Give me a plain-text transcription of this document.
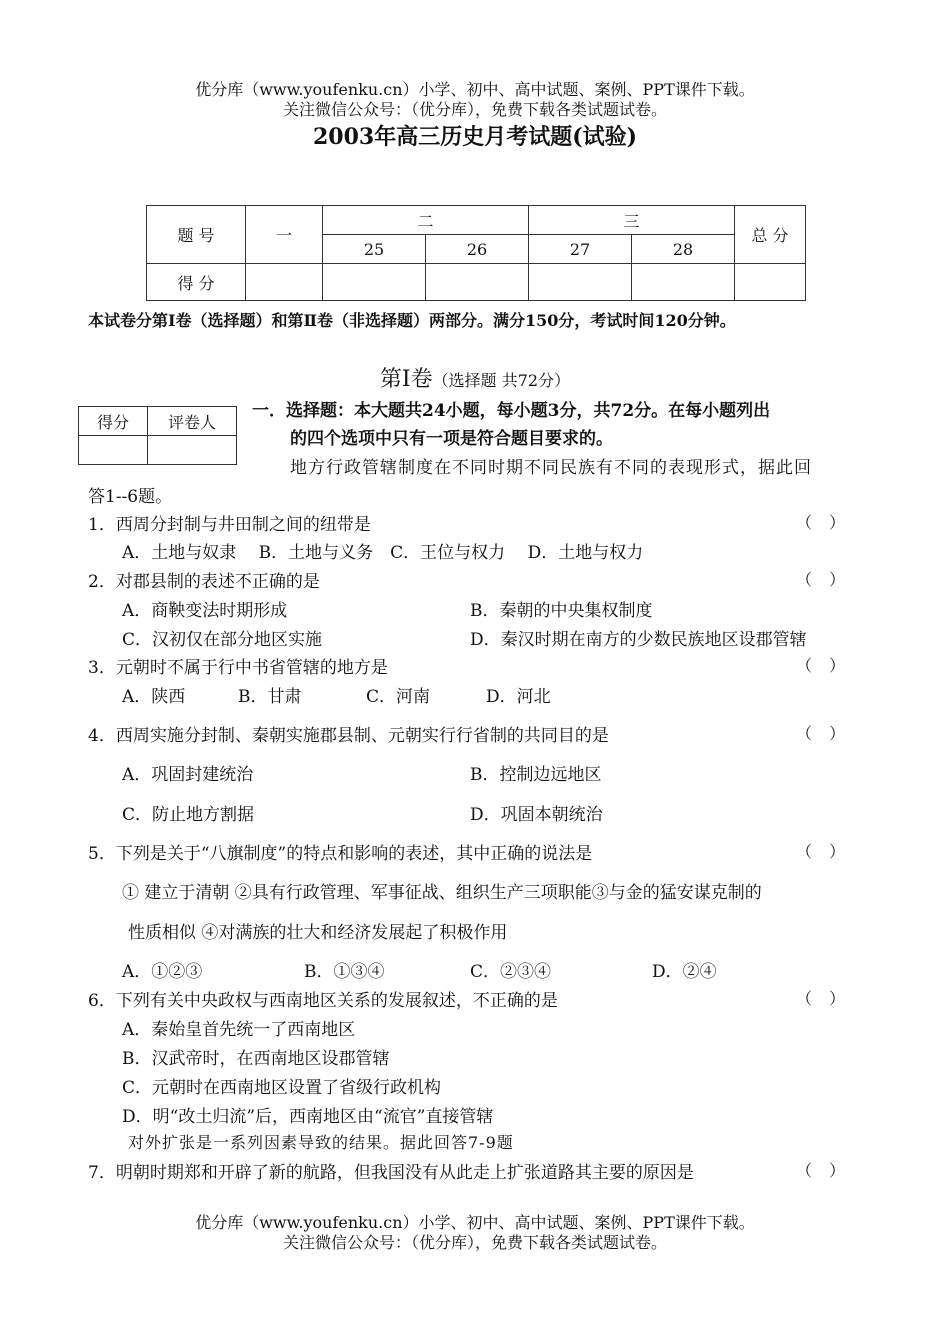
优分库（www.youfenku.cn）小学、初中、高中试题、案例、PPT课件下载。
关注微信公众号：（优分库），免费下载各类试题试卷。
2003年高三历史月考试题(试验)
题 号	一	二		三		总 分
		25	26	27	28	
得 分						
本试卷分第Ⅰ卷（选择题）和第Ⅱ卷（非选择题）两部分。满分150分，考试时间120分钟。
第Ⅰ卷（选择题 共72分）
得分	评卷人

一．选择题：本大题共24小题，每小题3分，共72分。在每小题列出
的四个选项中只有一项是符合题目要求的。
地方行政管辖制度在不同时期不同民族有不同的表现形式，据此回
答1--6题。
1．西周分封制与井田制之间的纽带是	（ ）
A．土地与奴隶　 B．土地与义务　C．王位与权力　 D．土地与权力
2．对郡县制的表述不正确的是	（ ）
A．商鞅变法时期形成	B．秦朝的中央集权制度
C．汉初仅在部分地区实施	D．秦汉时期在南方的少数民族地区设郡管辖
3．元朝时不属于行中书省管辖的地方是	（ ）
A．陕西	B．甘肃	C．河南	D．河北
4．西周实施分封制、秦朝实施郡县制、元朝实行行省制的共同目的是	（ ）
A．巩固封建统治	B．控制边远地区
C．防止地方割据	D．巩固本朝统治
5．下列是关于“八旗制度”的特点和影响的表述，其中正确的说法是	（ ）
① 建立于清朝 ②具有行政管理、军事征战、组织生产三项职能③与金的猛安谋克制的
性质相似 ④对满族的壮大和经济发展起了积极作用
A．①②③	B．①③④	C．②③④	D．②④
6．下列有关中央政权与西南地区关系的发展叙述，不正确的是	（ ）
A．秦始皇首先统一了西南地区
B．汉武帝时，在西南地区设郡管辖
C．元朝时在西南地区设置了省级行政机构
D．明“改土归流”后，西南地区由“流官”直接管辖
对外扩张是一系列因素导致的结果。据此回答7-9题
7．明朝时期郑和开辟了新的航路，但我国没有从此走上扩张道路其主要的原因是	（ ）
优分库（www.youfenku.cn）小学、初中、高中试题、案例、PPT课件下载。
关注微信公众号：（优分库），免费下载各类试题试卷。
